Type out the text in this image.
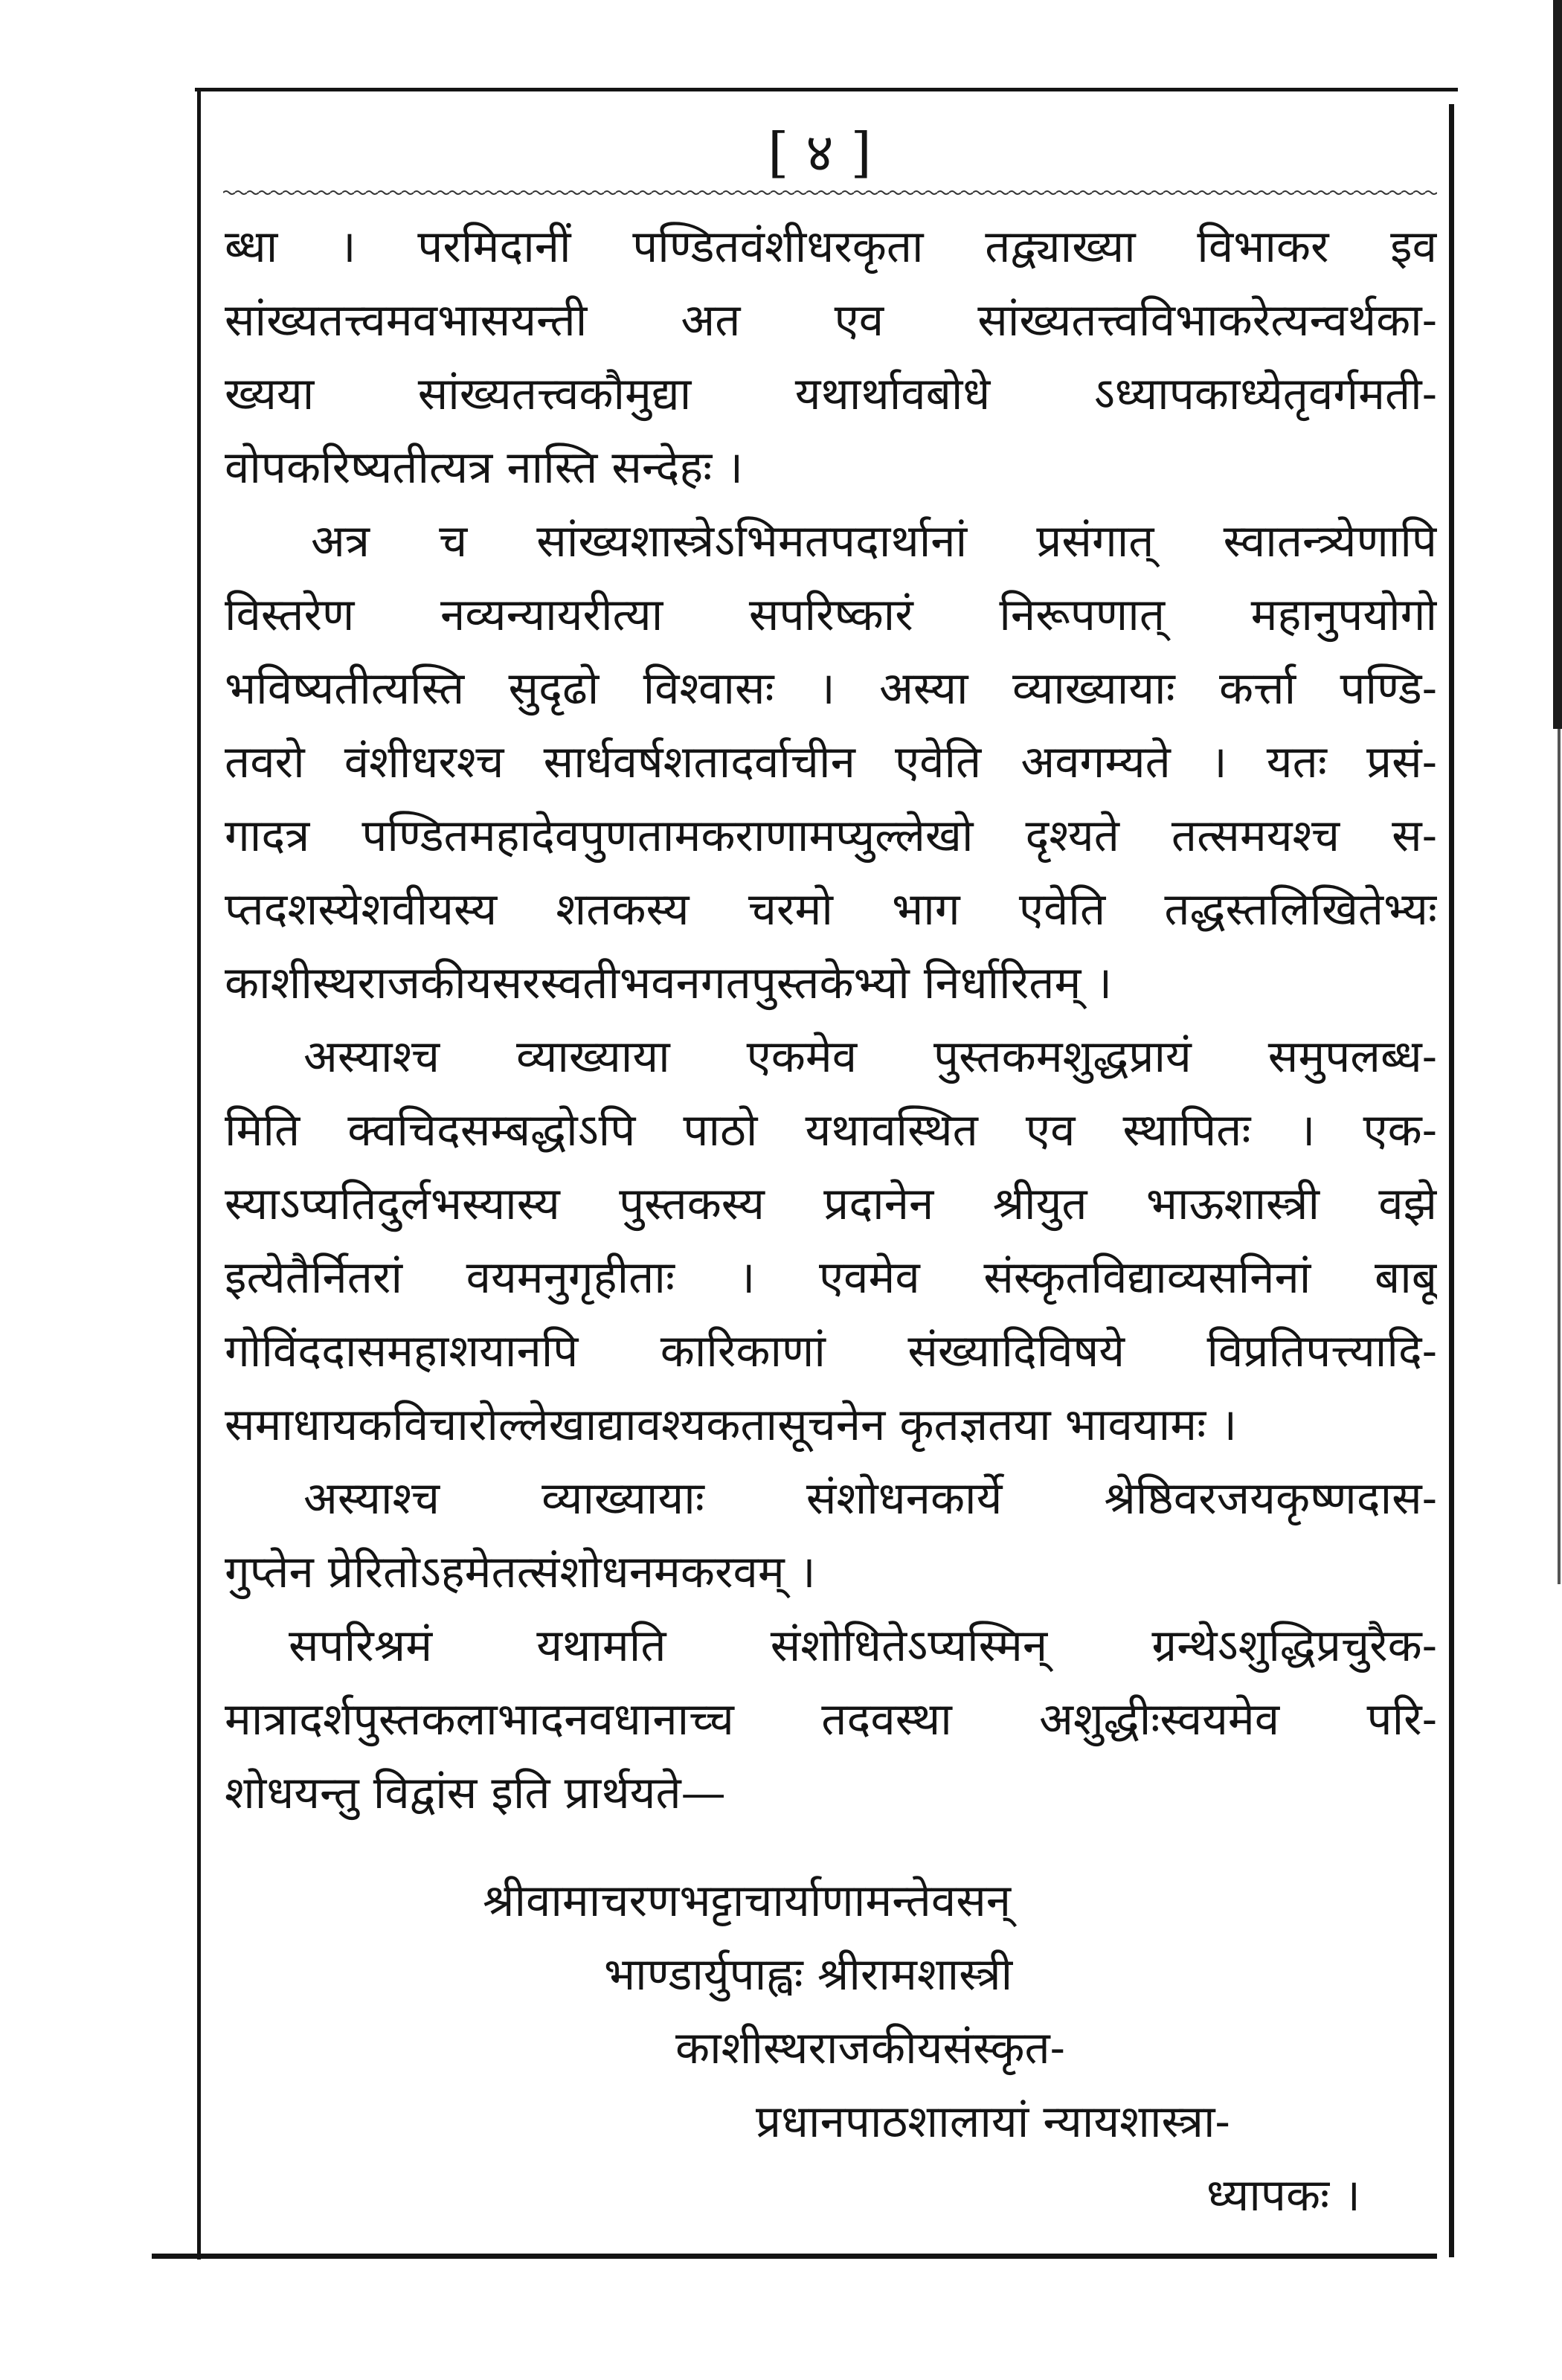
[ ४ ]
ब्धा । परमिदानीं पण्डितवंशीधरकृता तद्व्याख्या विभाकर इव
सांख्यतत्त्वमवभासयन्ती अत एव सांख्यतत्त्वविभाकरेत्यन्वर्थका-
ख्यया सांख्यतत्त्वकौमुद्या यथार्थावबोधे ऽध्यापकाध्येतृवर्गमती-
वोपकरिष्यतीत्यत्र नास्ति सन्देहः ।
अत्र च सांख्यशास्त्रेऽभिमतपदार्थानां प्रसंगात् स्वातन्त्र्येणापि
विस्तरेण नव्यन्यायरीत्या सपरिष्कारं निरूपणात् महानुपयोगो
भविष्यतीत्यस्ति सुदृढो विश्वासः । अस्या व्याख्यायाः कर्त्ता पण्डि-
तवरो वंशीधरश्च सार्धवर्षशतादर्वाचीन एवेति अवगम्यते । यतः प्रसं-
गादत्र पण्डितमहादेवपुणतामकराणामप्युल्लेखो दृश्यते तत्समयश्च स-
प्तदशस्येशवीयस्य शतकस्य चरमो भाग एवेति तद्धस्तलिखितेभ्यः
काशीस्थराजकीयसरस्वतीभवनगतपुस्तकेभ्यो निर्धारितम् ।
अस्याश्च व्याख्याया एकमेव पुस्तकमशुद्धप्रायं समुपलब्ध-
मिति क्वचिदसम्बद्धोऽपि पाठो यथावस्थित एव स्थापितः । एक-
स्याऽप्यतिदुर्लभस्यास्य पुस्तकस्य प्रदानेन श्रीयुत भाऊशास्त्री वझे
इत्येतैर्नितरां वयमनुगृहीताः । एवमेव संस्कृतविद्याव्यसनिनां बाबू
गोविंददासमहाशयानपि कारिकाणां संख्यादिविषये विप्रतिपत्त्यादि-
समाधायकविचारोल्लेखाद्यावश्यकतासूचनेन कृतज्ञतया भावयामः ।
अस्याश्च व्याख्यायाः संशोधनकार्ये श्रेष्ठिवरजयकृष्णदास-
गुप्तेन प्रेरितोऽहमेतत्संशोधनमकरवम् ।
सपरिश्रमं यथामति संशोधितेऽप्यस्मिन् ग्रन्थेऽशुद्धिप्रचुरैक-
मात्रादर्शपुस्तकलाभादनवधानाच्च तदवस्था अशुद्धीःस्वयमेव परि-
शोधयन्तु विद्वांस इति प्रार्थयते—
श्रीवामाचरणभट्टाचार्याणामन्तेवसन्
भाण्डार्युपाह्वः श्रीरामशास्त्री
काशीस्थराजकीयसंस्कृत-
प्रधानपाठशालायां न्यायशास्त्रा-
ध्यापकः ।
